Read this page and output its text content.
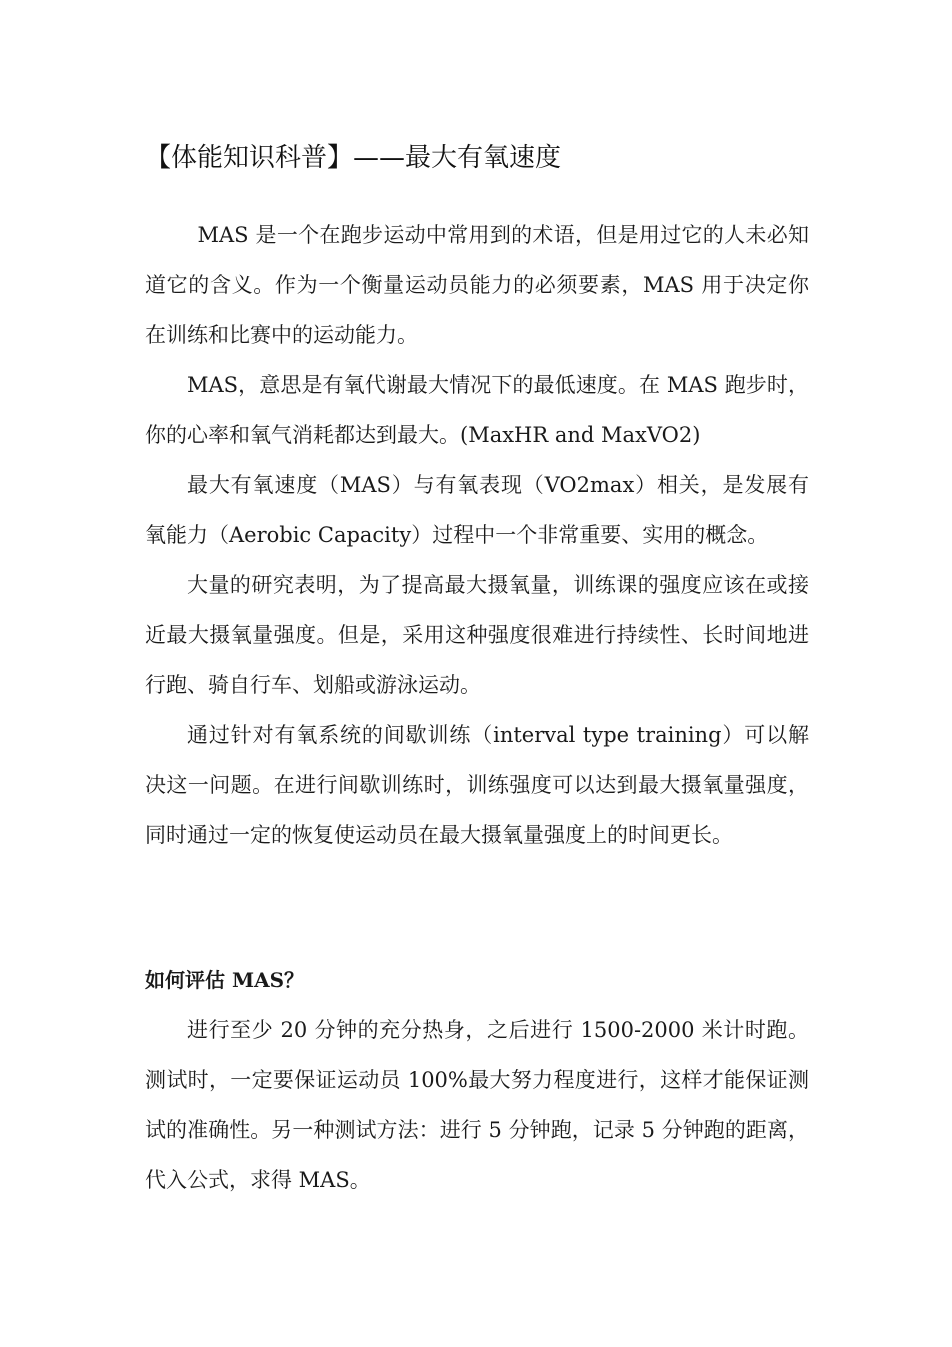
【体能知识科普】——最大有氧速度

MAS 是一个在跑步运动中常用到的术语，但是用过它的人未必知道它的含义。作为一个衡量运动员能力的必须要素，MAS 用于决定你在训练和比赛中的运动能力。

MAS，意思是有氧代谢最大情况下的最低速度。在 MAS 跑步时，你的心率和氧气消耗都达到最大。(MaxHR and MaxVO2)

最大有氧速度（MAS）与有氧表现（VO2max）相关，是发展有氧能力（Aerobic Capacity）过程中一个非常重要、实用的概念。

大量的研究表明，为了提高最大摄氧量，训练课的强度应该在或接近最大摄氧量强度。但是，采用这种强度很难进行持续性、长时间地进行跑、骑自行车、划船或游泳运动。

通过针对有氧系统的间歇训练（interval type training）可以解决这一问题。在进行间歇训练时，训练强度可以达到最大摄氧量强度，同时通过一定的恢复使运动员在最大摄氧量强度上的时间更长。

如何评估 MAS？

进行至少 20 分钟的充分热身，之后进行 1500-2000 米计时跑。测试时，一定要保证运动员 100%最大努力程度进行，这样才能保证测试的准确性。另一种测试方法：进行 5 分钟跑，记录 5 分钟跑的距离，代入公式，求得 MAS。
